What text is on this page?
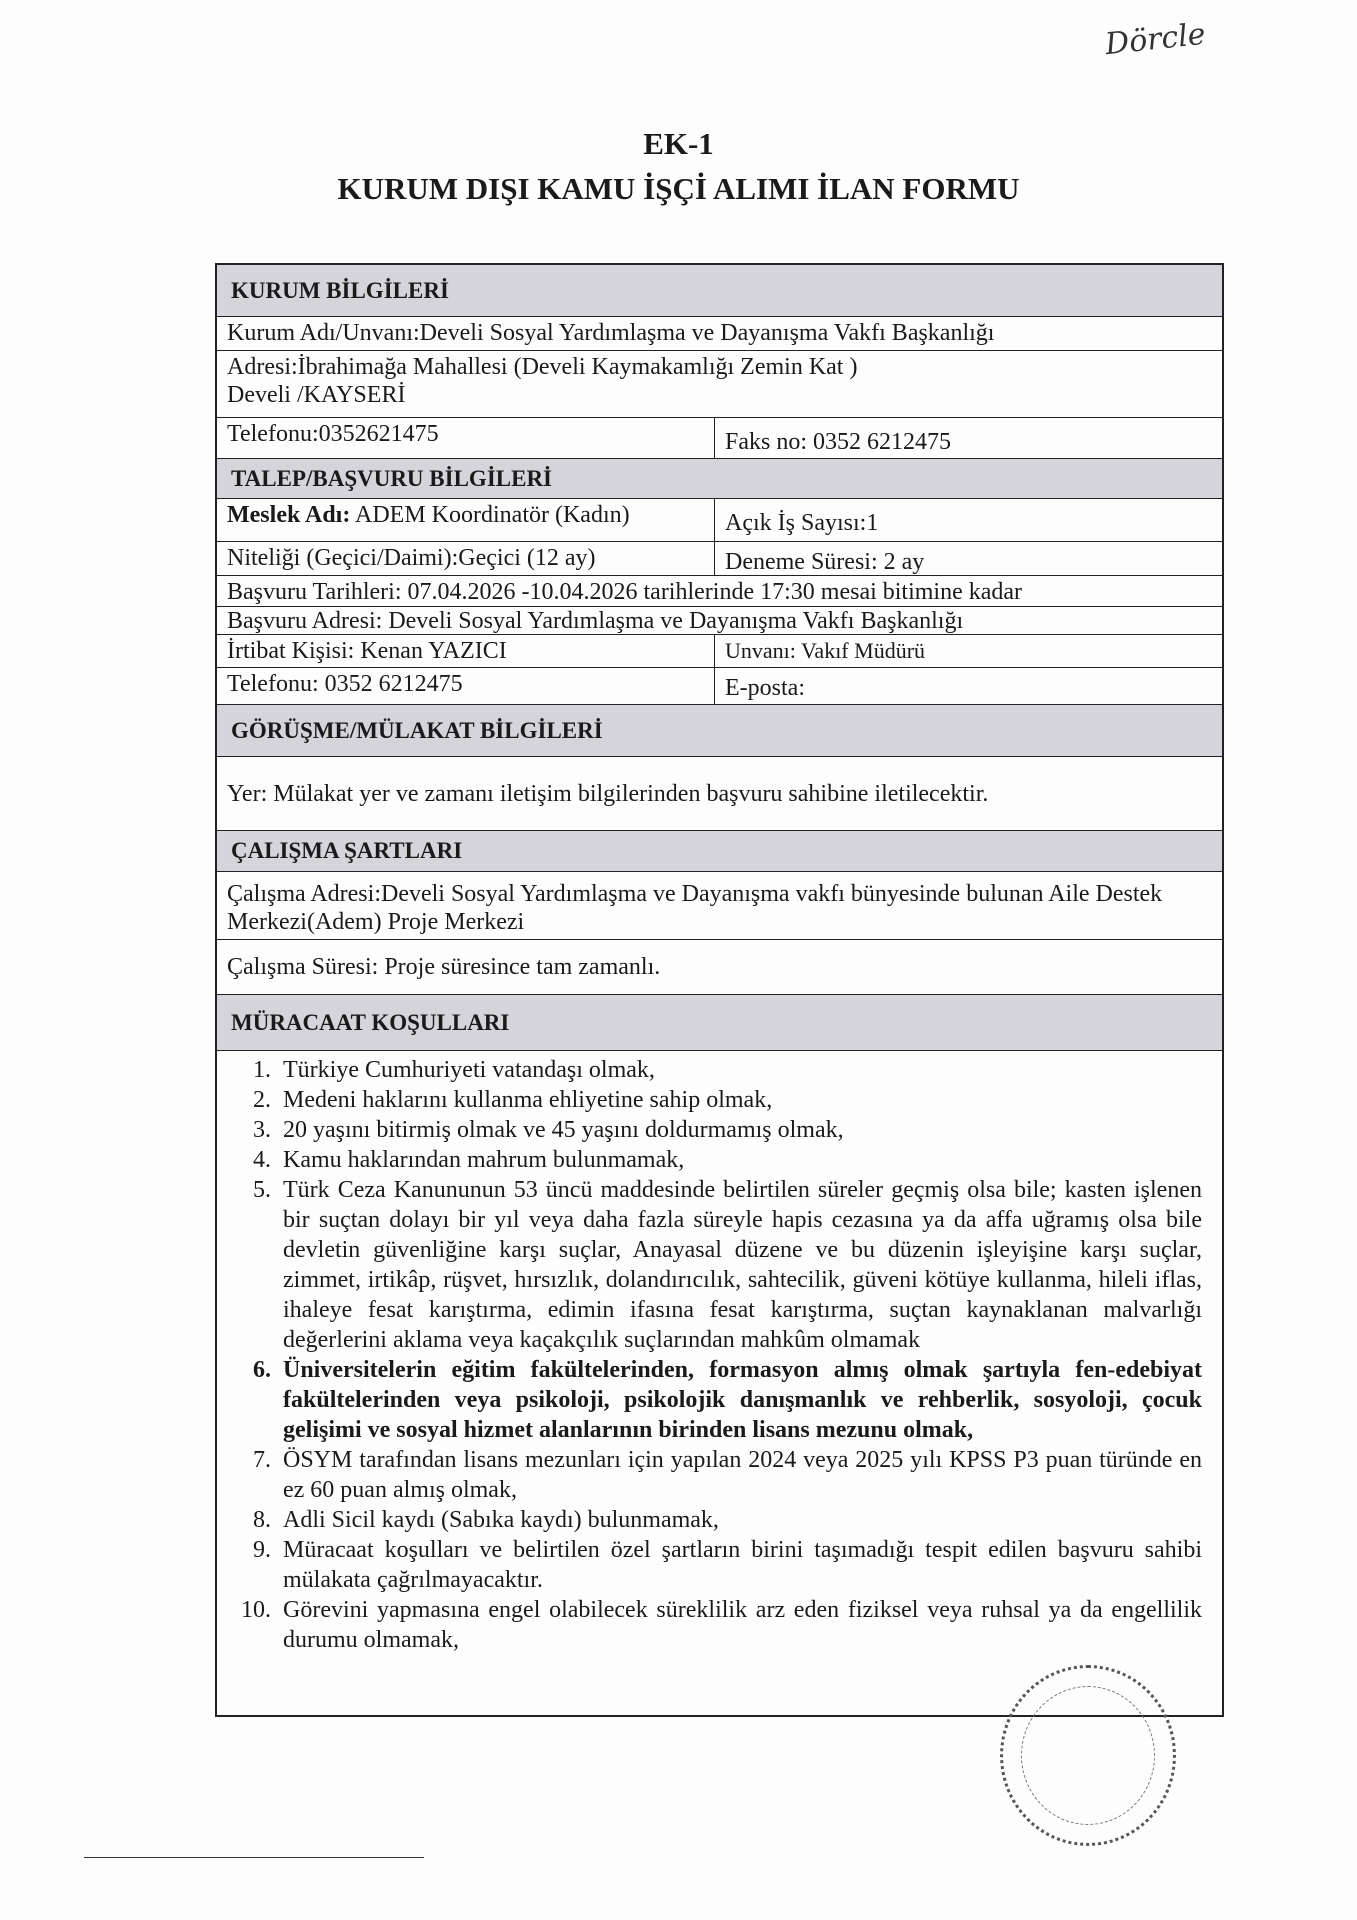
Dörcle
EK-1
KURUM DIŞI KAMU İŞÇİ ALIMI İLAN FORMU
KURUM BİLGİLERİ
Kurum Adı/Unvanı:Develi Sosyal Yardımlaşma ve Dayanışma Vakfı Başkanlığı
Adresi:İbrahimağa Mahallesi (Develi Kaymakamlığı Zemin Kat )
Develi /KAYSERİ
Telefonu:0352621475	Faks no: 0352 6212475
TALEP/BAŞVURU BİLGİLERİ
Meslek Adı: ADEM Koordinatör (Kadın)	Açık İş Sayısı:1
Niteliği (Geçici/Daimi):Geçici (12 ay)	Deneme Süresi: 2 ay
Başvuru Tarihleri: 07.04.2026 -10.04.2026 tarihlerinde 17:30 mesai bitimine kadar
Başvuru Adresi: Develi Sosyal Yardımlaşma ve Dayanışma Vakfı Başkanlığı
İrtibat Kişisi: Kenan YAZICI	Unvanı: Vakıf Müdürü
Telefonu: 0352 6212475	E-posta:
GÖRÜŞME/MÜLAKAT BİLGİLERİ
Yer: Mülakat yer ve zamanı iletişim bilgilerinden başvuru sahibine iletilecektir.
ÇALIŞMA ŞARTLARI
Çalışma Adresi:Develi Sosyal Yardımlaşma ve Dayanışma vakfı bünyesinde bulunan Aile Destek Merkezi(Adem) Proje Merkezi
Çalışma Süresi: Proje süresince tam zamanlı.
MÜRACAAT KOŞULLARI
1. Türkiye Cumhuriyeti vatandaşı olmak,
2. Medeni haklarını kullanma ehliyetine sahip olmak,
3. 20 yaşını bitirmiş olmak ve 45 yaşını doldurmamış olmak,
4. Kamu haklarından mahrum bulunmamak,
5. Türk Ceza Kanununun 53 üncü maddesinde belirtilen süreler geçmiş olsa bile; kasten işlenen bir suçtan dolayı bir yıl veya daha fazla süreyle hapis cezasına ya da affa uğramış olsa bile devletin güvenliğine karşı suçlar, Anayasal düzene ve bu düzenin işleyişine karşı suçlar, zimmet, irtikâp, rüşvet, hırsızlık, dolandırıcılık, sahtecilik, güveni kötüye kullanma, hileli iflas, ihaleye fesat karıştırma, edimin ifasına fesat karıştırma, suçtan kaynaklanan malvarlığı değerlerini aklama veya kaçakçılık suçlarından mahkûm olmamak
6. Üniversitelerin eğitim fakültelerinden, formasyon almış olmak şartıyla fen-edebiyat fakültelerinden veya psikoloji, psikolojik danışmanlık ve rehberlik, sosyoloji, çocuk gelişimi ve sosyal hizmet alanlarının birinden lisans mezunu olmak,
7. ÖSYM tarafından lisans mezunları için yapılan 2024 veya 2025 yılı KPSS P3 puan türünde en ez 60 puan almış olmak,
8. Adli Sicil kaydı (Sabıka kaydı) bulunmamak,
9. Müracaat koşulları ve belirtilen özel şartların birini taşımadığı tespit edilen başvuru sahibi mülakata çağrılmayacaktır.
10. Görevini yapmasına engel olabilecek süreklilik arz eden fiziksel veya ruhsal ya da engellilik durumu olmamak,
